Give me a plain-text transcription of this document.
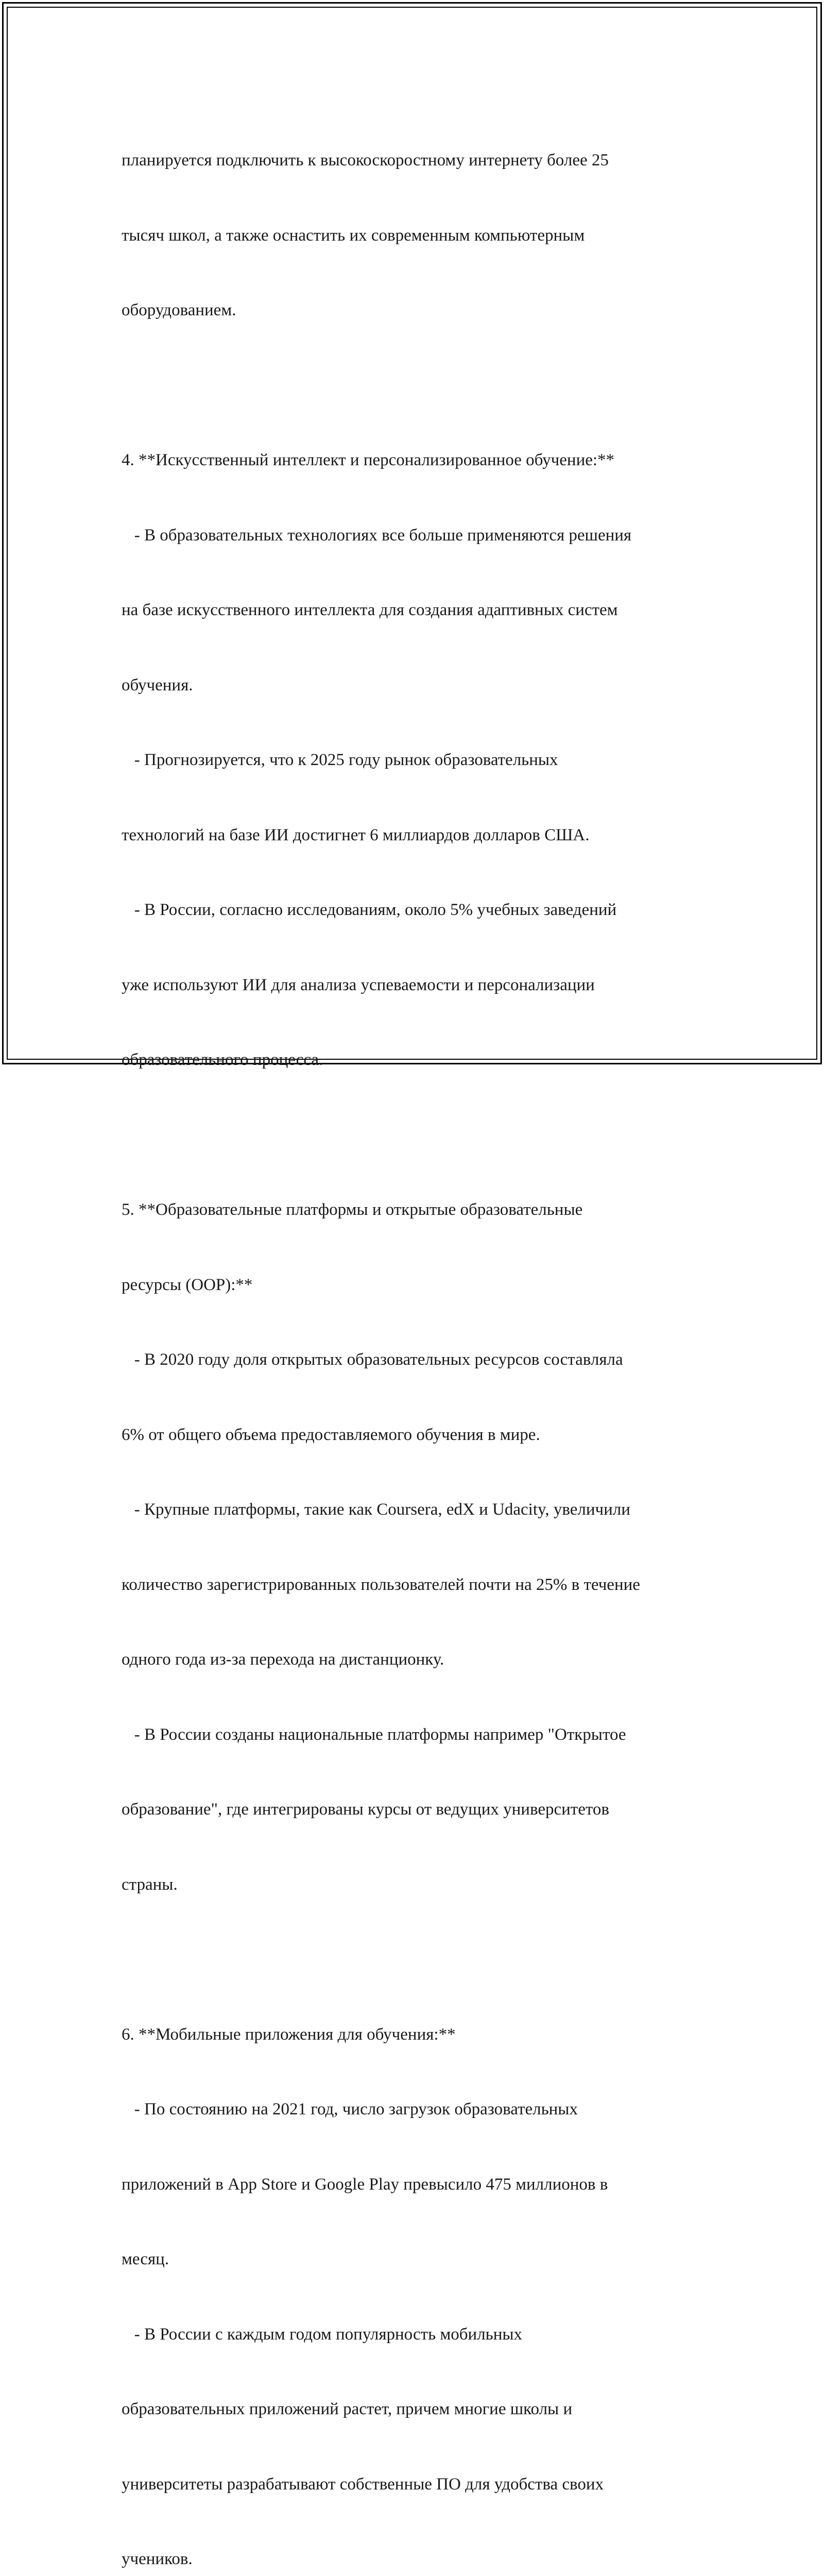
планируется подключить к высокоскоростному интернету более 25

тысяч школ, а также оснастить их современным компьютерным

оборудованием.

4. **Искусственный интеллект и персонализированное обучение:**

- В образовательных технологиях все больше применяются решения

на базе искусственного интеллекта для создания адаптивных систем

обучения.

- Прогнозируется, что к 2025 году рынок образовательных

технологий на базе ИИ достигнет 6 миллиардов долларов США.

- В России, согласно исследованиям, около 5% учебных заведений

уже используют ИИ для анализа успеваемости и персонализации

образовательного процесса.

5. **Образовательные платформы и открытые образовательные

ресурсы (ООР):**

- В 2020 году доля открытых образовательных ресурсов составляла

6% от общего объема предоставляемого обучения в мире.

- Крупные платформы, такие как Coursera, edX и Udacity, увеличили

количество зарегистрированных пользователей почти на 25% в течение

одного года из-за перехода на дистанционку.

- В России созданы национальные платформы например "Открытое

образование", где интегрированы курсы от ведущих университетов

страны.

6. **Мобильные приложения для обучения:**

- По состоянию на 2021 год, число загрузок образовательных

приложений в App Store и Google Play превысило 475 миллионов в

месяц.

- В России с каждым годом популярность мобильных

образовательных приложений растет, причем многие школы и

университеты разрабатывают собственные ПО для удобства своих

учеников.
